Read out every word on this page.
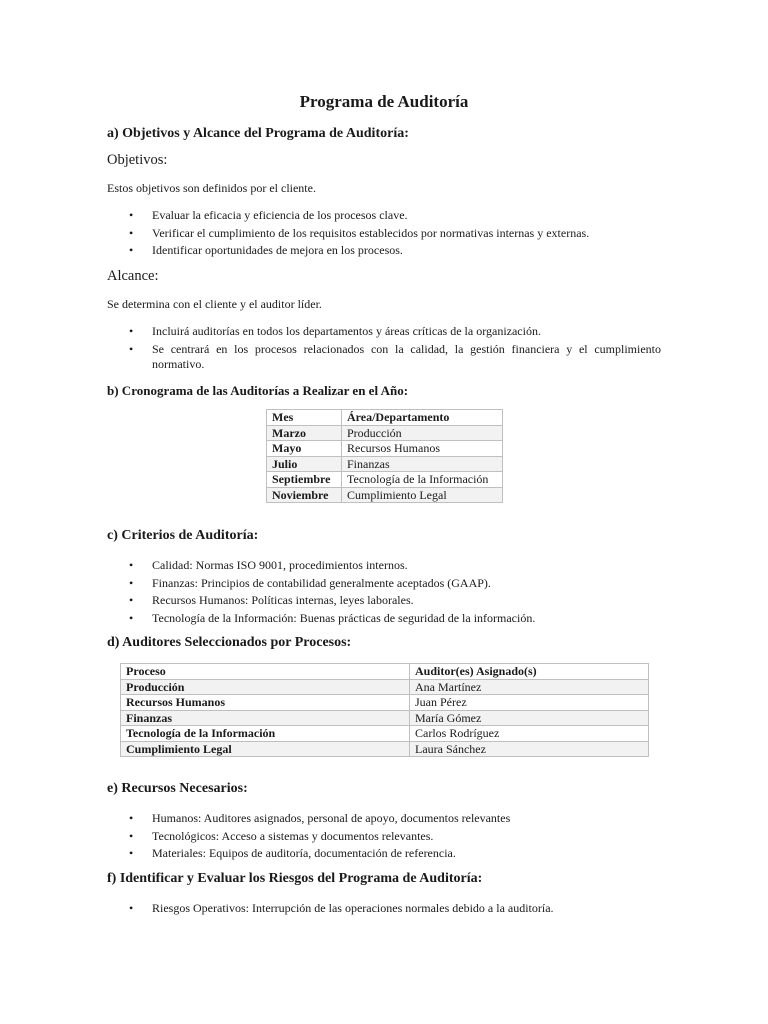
Programa de Auditoría
a) Objetivos y Alcance del Programa de Auditoría:
Objetivos:
Estos objetivos son definidos por el cliente.
• Evaluar la eficacia y eficiencia de los procesos clave.
• Verificar el cumplimiento de los requisitos establecidos por normativas internas y externas.
• Identificar oportunidades de mejora en los procesos.
Alcance:
Se determina con el cliente y el auditor líder.
• Incluirá auditorías en todos los departamentos y áreas críticas de la organización.
• Se centrará en los procesos relacionados con la calidad, la gestión financiera y el cumplimiento normativo.
b) Cronograma de las Auditorías a Realizar en el Año:
Mes	Área/Departamento
Marzo	Producción
Mayo	Recursos Humanos
Julio	Finanzas
Septiembre	Tecnología de la Información
Noviembre	Cumplimiento Legal
c) Criterios de Auditoría:
• Calidad: Normas ISO 9001, procedimientos internos.
• Finanzas: Principios de contabilidad generalmente aceptados (GAAP).
• Recursos Humanos: Políticas internas, leyes laborales.
• Tecnología de la Información: Buenas prácticas de seguridad de la información.
d) Auditores Seleccionados por Procesos:
Proceso	Auditor(es) Asignado(s)
Producción	Ana Martínez
Recursos Humanos	Juan Pérez
Finanzas	María Gómez
Tecnología de la Información	Carlos Rodríguez
Cumplimiento Legal	Laura Sánchez
e) Recursos Necesarios:
• Humanos: Auditores asignados, personal de apoyo, documentos relevantes
• Tecnológicos: Acceso a sistemas y documentos relevantes.
• Materiales: Equipos de auditoría, documentación de referencia.
f) Identificar y Evaluar los Riesgos del Programa de Auditoría:
• Riesgos Operativos: Interrupción de las operaciones normales debido a la auditoría.
